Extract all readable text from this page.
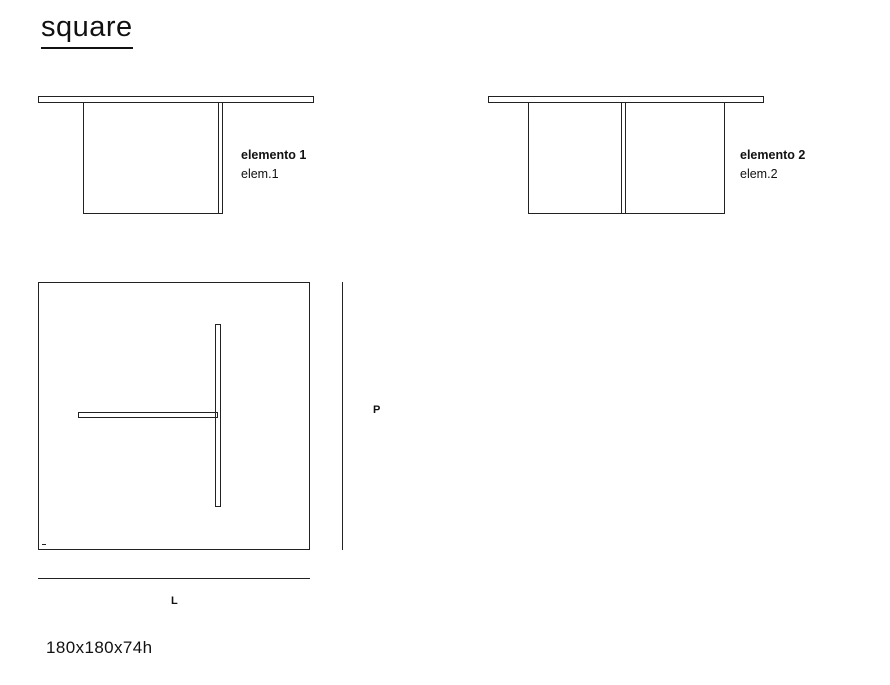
square
elemento 1
elem.1
elemento 2
elem.2
P
L
180x180x74h
